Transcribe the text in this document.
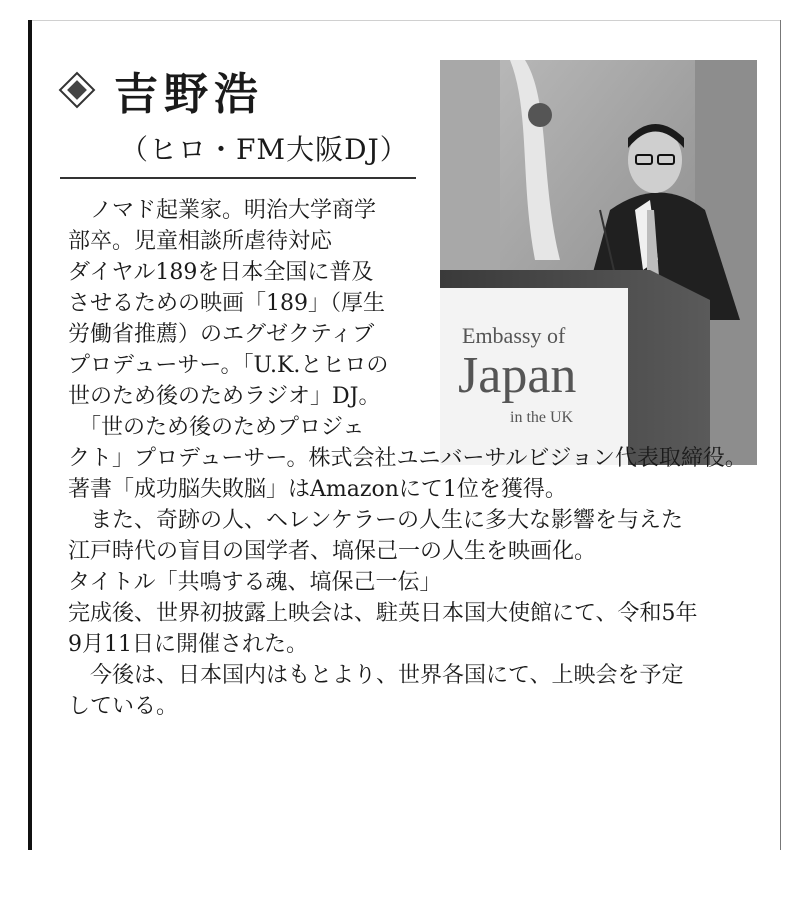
吉野浩
（ヒロ・FM大阪DJ）
Embassy of
Japan
in the UK
　ノマド起業家。明治大学商学
部卒。児童相談所虐待対応
ダイヤル189を日本全国に普及
させるための映画「189」（厚生
労働省推薦）のエグゼクティブ
プロデューサー。「U.K.とヒロの
世のため後のためラジオ」DJ。
　「世のため後のためプロジェ
クト」プロデューサー。株式会社ユニバーサルビジョン代表取締役。
著書「成功脳失敗脳」はAmazonにて1位を獲得。
　また、奇跡の人、ヘレンケラーの人生に多大な影響を与えた
江戸時代の盲目の国学者、塙保己一の人生を映画化。
タイトル「共鳴する魂、塙保己一伝」
完成後、世界初披露上映会は、駐英日本国大使館にて、令和5年
9月11日に開催された。
　今後は、日本国内はもとより、世界各国にて、上映会を予定
している。
